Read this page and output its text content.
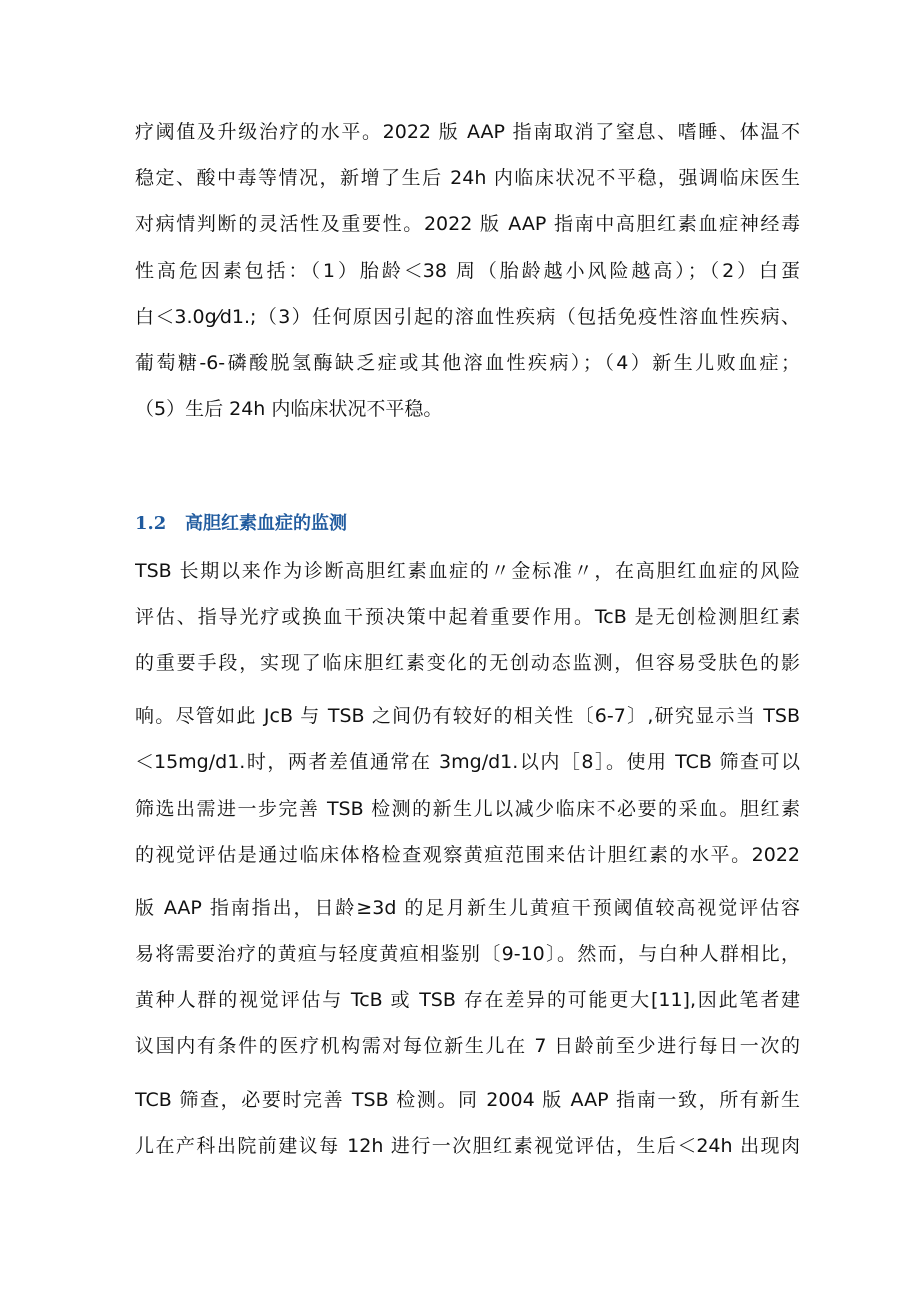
疗阈值及升级治疗的水平。2022 版 AAP 指南取消了窒息、嗜睡、体温不
稳定、酸中毒等情况，新增了生后 24h 内临床状况不平稳，强调临床医生
对病情判断的灵活性及重要性。2022 版 AAP 指南中高胆红素血症神经毒
性高危因素包括：（1）胎龄＜38 周（胎龄越小风险越高）；（2）白蛋
白＜3.0g⁄d1.;（3）任何原因引起的溶血性疾病（包括免疫性溶血性疾病、
葡萄糖-6-磷酸脱氢酶缺乏症或其他溶血性疾病）；（4）新生儿败血症；
（5）生后 24h 内临床状况不平稳。
1.2 高胆红素血症的监测
TSB 长期以来作为诊断高胆红素血症的〃金标准〃，在高胆红血症的风险
评估、指导光疗或换血干预决策中起着重要作用。TcB 是无创检测胆红素
的重要手段，实现了临床胆红素变化的无创动态监测，但容易受肤色的影
响。尽管如此 JcB 与 TSB 之间仍有较好的相关性〔6-7〕,研究显示当 TSB
＜15mg/d1.时，两者差值通常在 3mg/d1.以内［8］。使用 TCB 筛查可以
筛选出需进一步完善 TSB 检测的新生儿以减少临床不必要的采血。胆红素
的视觉评估是通过临床体格检查观察黄疸范围来估计胆红素的水平。2022
版 AAP 指南指出，日龄≥3d 的足月新生儿黄疸干预阈值较高视觉评估容
易将需要治疗的黄疸与轻度黄疸相鉴别〔9-10〕。然而，与白种人群相比，
黄种人群的视觉评估与 TcB 或 TSB 存在差异的可能更大[11],因此笔者建
议国内有条件的医疗机构需对每位新生儿在 7 日龄前至少进行每日一次的
TCB 筛查，必要时完善 TSB 检测。同 2004 版 AAP 指南一致，所有新生
儿在产科出院前建议每 12h 进行一次胆红素视觉评估，生后＜24h 出现肉
